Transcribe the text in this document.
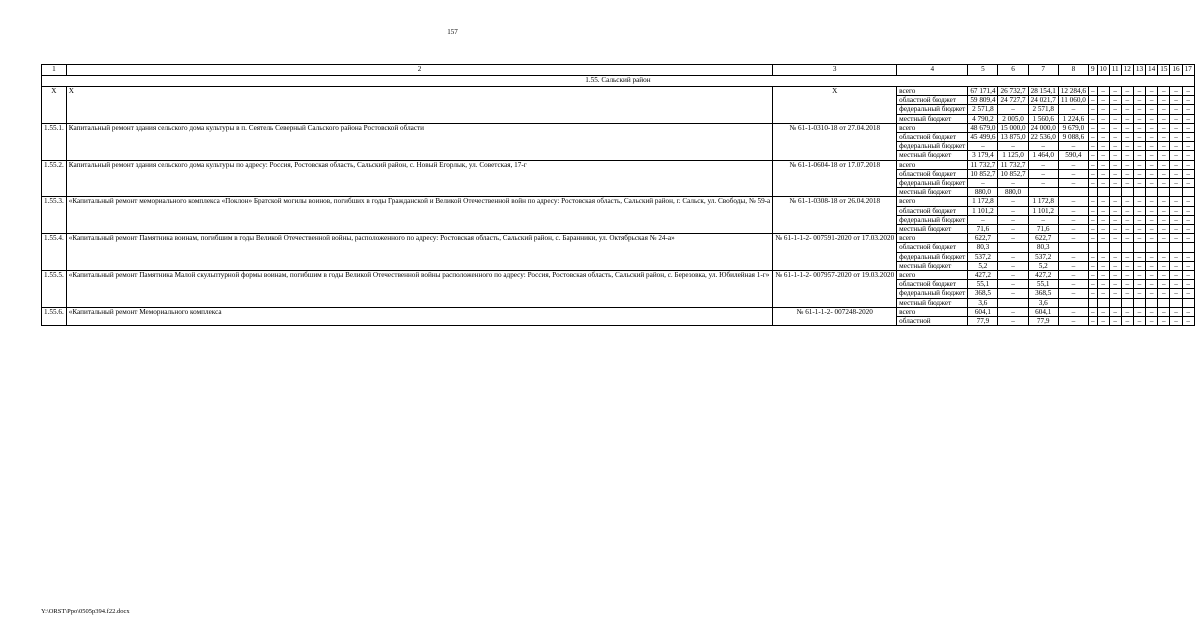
157
1	2	3	4	5	6	7	8	9	10	11	12	13	14	15	16	17
1.55. Сальский район																
Х	Х	Х	всего	67 171,4	26 732,7	28 154,1	12 284,6	–	–	–	–	–	–	–	–	–
			областной бюджет	59 809,4	24 727,7	24 021,7	11 060,0	–	–	–	–	–	–	–	–	–
			федеральный бюджет	2 571,8	–	2 571,8	–	–	–	–	–	–	–	–	–	–
			местный бюджет	4 790,2	2 005,0	1 560,6	1 224,6	–	–	–	–	–	–	–	–	–
1.55.1.	Капитальный ремонт здания сельского дома культуры в п. Сеятель Северный Сальского района Ростовской области	№ 61-1-0310-18 от 27.04.2018	всего	48 679,0	15 000,0	24 000,0	9 679,0	–	–	–	–	–	–	–	–	–
			областной бюджет	45 499,6	13 875,0	22 536,0	9 088,6	–	–	–	–	–	–	–	–	–
			федеральный бюджет	–	–	–	–	–	–	–	–	–	–	–	–	–
			местный бюджет	3 179,4	1 125,0	1 464,0	590,4	–	–	–	–	–	–	–	–	–
1.55.2.	Капитальный ремонт здания сельского дома культуры по адресу: Россия, Ростовская область, Сальский район, с. Новый Егорлык, ул. Советская, 17-г	№ 61-1-0604-18 от 17.07.2018	всего	11 732,7	11 732,7	–	–	–	–	–	–	–	–	–	–	–
			областной бюджет	10 852,7	10 852,7	–	–	–	–	–	–	–	–	–	–	–
			федеральный бюджет	–	–	–	–	–	–	–	–	–	–	–	–	–
			местный бюджет	880,0	880,0											
1.55.3.	«Капитальный ремонт мемориального комплекса «Поклон» Братской могилы воинов, погибших в годы Гражданской и Великой Отечественной войн по адресу: Ростовская область, Сальский район, г. Сальск, ул. Свободы, № 59-а	№ 61-1-0308-18 от 26.04.2018	всего	1 172,8	–	1 172,8	–	–	–	–	–	–	–	–	–	–
			областной бюджет	1 101,2	–	1 101,2	–	–	–	–	–	–	–	–	–	–
			федеральный бюджет	–	–	–	–	–	–	–	–	–	–	–	–	–
			местный бюджет	71,6	–	71,6	–	–	–	–	–	–	–	–	–	–
1.55.4.	«Капитальный ремонт Памятника воинам, погибшим в годы Великой Отечественной войны, расположенного по адресу: Ростовская область, Сальский район, с. Баранники, ул. Октябрьская № 24-а»	№ 61-1-1-2- 007591-2020 от 17.03.2020	всего	622,7	–	622,7	–	–	–	–	–	–	–	–	–	–
			областной бюджет	80,3		80,3										
			федеральный бюджет	537,2	–	537,2	–	–	–	–	–	–	–	–	–	–
			местный бюджет	5,2	–	5,2	–	–	–	–	–	–	–	–	–	–
1.55.5.	«Капитальный ремонт Памятника Малой скульптурной формы воинам, погибшим в годы Великой Отечественной войны расположенного по адресу: Россия, Ростовская область, Сальский район, с. Березовка, ул. Юбилейная 1-г»	№ 61-1-1-2- 007957-2020 от 19.03.2020	всего	427,2	–	427,2	–	–	–	–	–	–	–	–	–	–
			областной бюджет	55,1	–	55,1	–	–	–	–	–	–	–	–	–	–
			федеральный бюджет	368,5	–	368,5	–	–	–	–	–	–	–	–	–	–
			местный бюджет	3,6		3,6										
1.55.6.	«Капитальный ремонт Мемориального комплекса	№ 61-1-1-2- 007248-2020	всего	604,1	–	604,1	–	–	–	–	–	–	–	–	–	–
			областной	77,9	–	77,9	–	–	–	–	–	–	–	–	–	–
Y:\ORST\Ppo\0505p394.f22.docx
